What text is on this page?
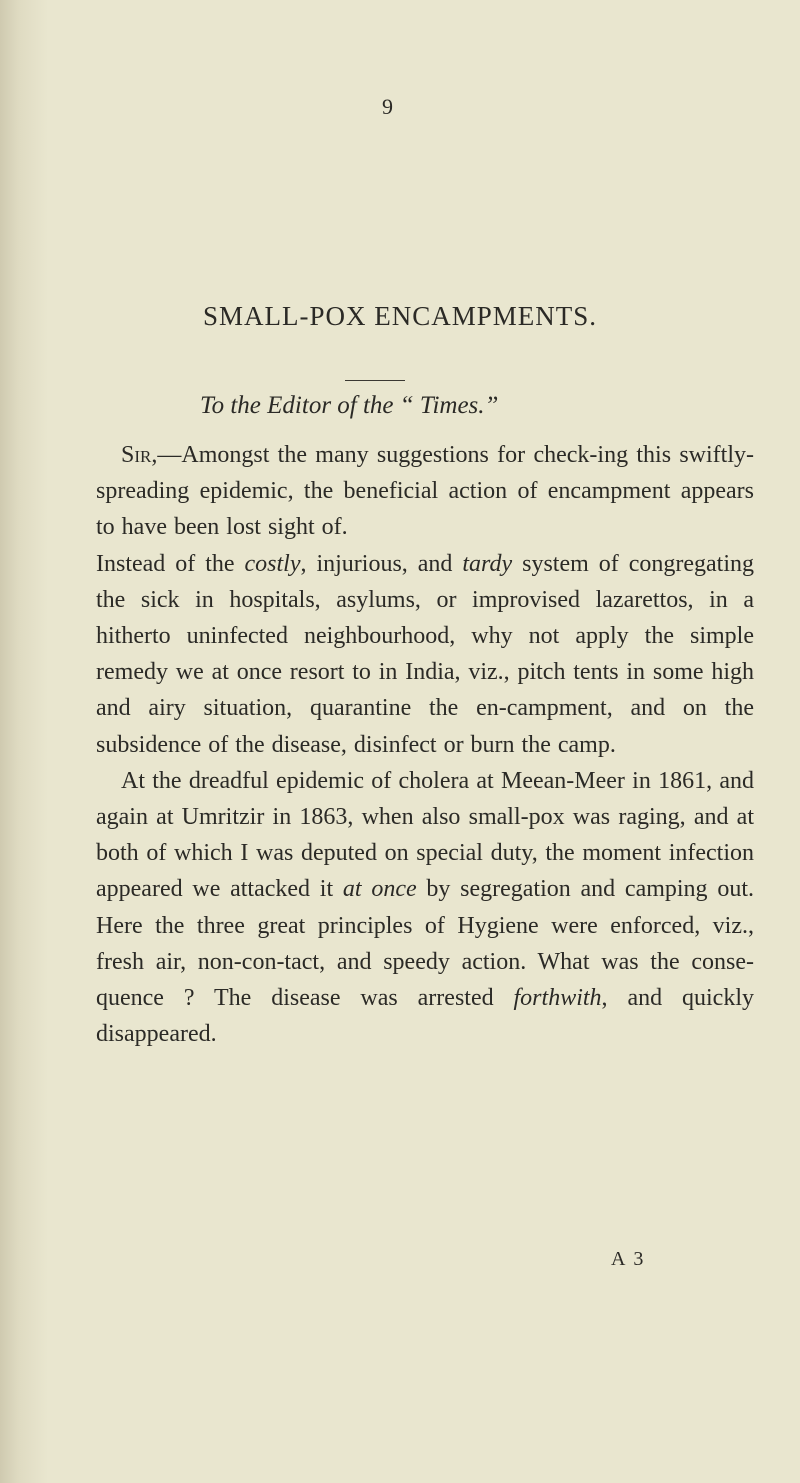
9
SMALL-POX ENCAMPMENTS.
To the Editor of the “ Times.”

Sir,—Amongst the many suggestions for check-ing this swiftly-spreading epidemic, the beneficial action of encampment appears to have been lost sight of.

Instead of the costly, injurious, and tardy system of congregating the sick in hospitals, asylums, or improvised lazarettos, in a hitherto uninfected neighbourhood, why not apply the simple remedy we at once resort to in India, viz., pitch tents in some high and airy situation, quarantine the en-campment, and on the subsidence of the disease, disinfect or burn the camp.

At the dreadful epidemic of cholera at Meean-Meer in 1861, and again at Umritzir in 1863, when also small-pox was raging, and at both of which I was deputed on special duty, the moment infection appeared we attacked it at once by segregation and camping out. Here the three great principles of Hygiene were enforced, viz., fresh air, non-con-tact, and speedy action. What was the conse-quence ? The disease was arrested forthwith, and quickly disappeared.

A 3
